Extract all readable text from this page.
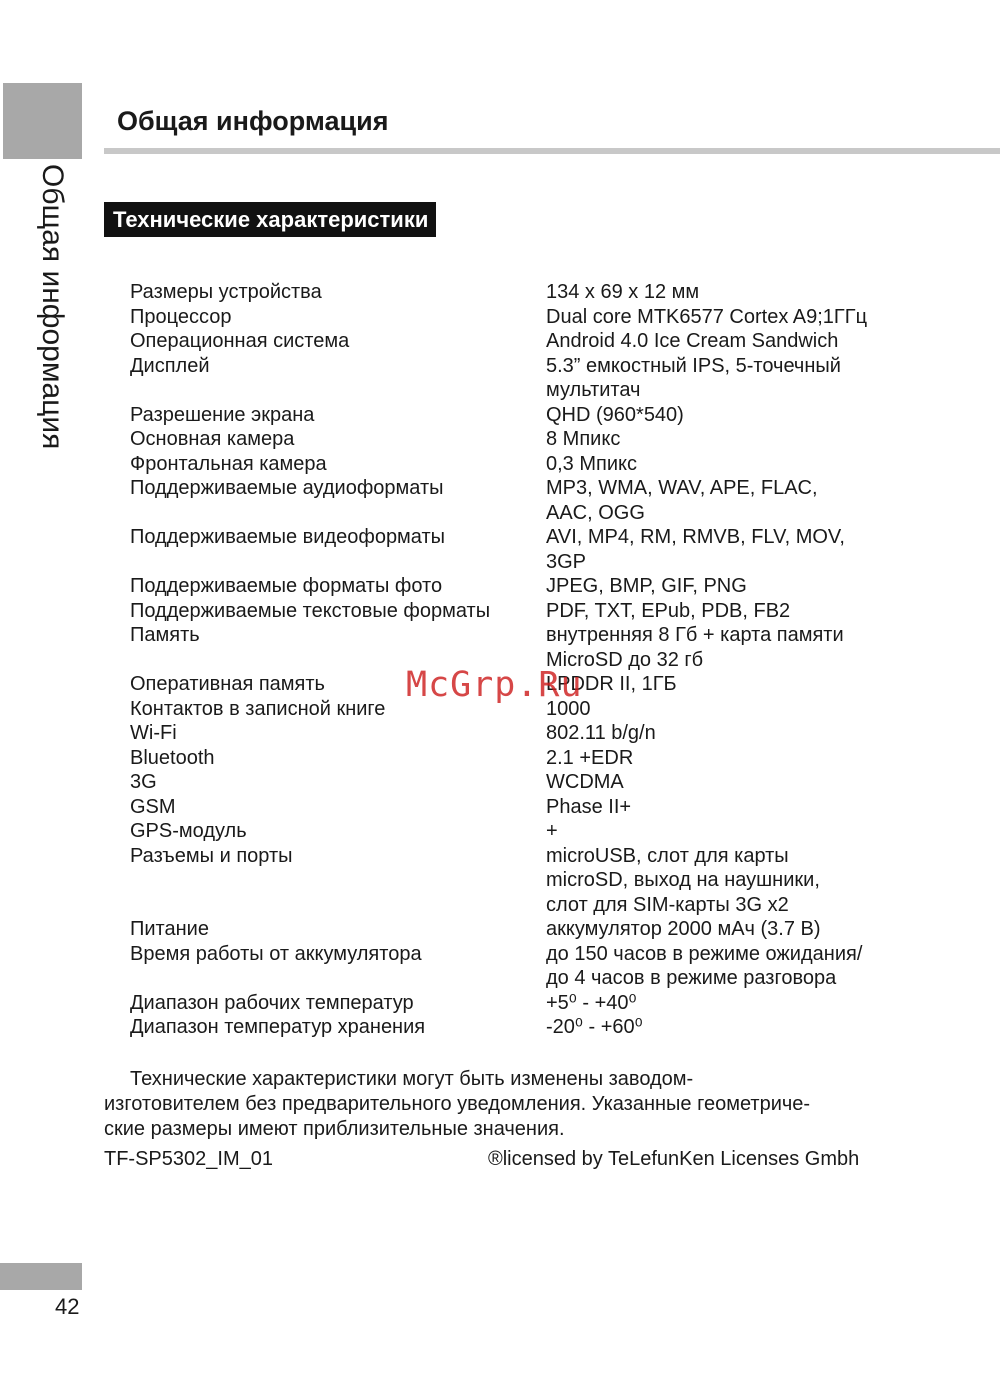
Общая информация
Общая информация
Технические характеристики
Размеры устройства	134 x 69 x 12 мм
Процессор	Dual core MTK6577 Cortex A9;1ГГц
Операционная система	Android 4.0 Ice Cream Sandwich
Дисплей	5.3” емкостный IPS, 5-точечный
мультитач
Разрешение экрана	QHD (960*540)
Основная камера	8 Мпикс
Фронтальная камера	0,3 Мпикс
Поддерживаемые аудиоформаты	MP3, WMA, WAV, APE, FLAC,
AAC, OGG
Поддерживаемые видеоформаты	AVI, MP4, RM, RMVB, FLV, MOV,
3GP
Поддерживаемые форматы фото	JPEG, BMP, GIF, PNG
Поддерживаемые текстовые форматы	PDF, TXT, EPub, PDB, FB2
Память	внутренняя 8 Гб + карта памяти
MicroSD до 32 гб
Оперативная память	LPDDR II, 1ГБ
Контактов в записной книге	1000
Wi-Fi	802.11 b/g/n
Bluetooth	2.1 +EDR
3G	WCDMA
GSM	Phase II+
GPS-модуль	+
Разъемы и порты	microUSB, слот для карты
microSD, выход на наушники,
слот для SIM-карты 3G x2
Питание	аккумулятор 2000 мАч (3.7 В)
Время работы от аккумулятора	до 150 часов в режиме ожидания/
до 4 часов в режиме разговора
Диапазон рабочих температур	+5⁰ - +40⁰
Диапазон температур хранения	-20⁰ - +60⁰
Технические характеристики могут быть изменены заводом-
изготовителем без предварительного уведомления. Указанные геометриче-
ские размеры имеют приблизительные значения.
TF-SP5302_IM_01	®licensed by TeLefunKen Licenses Gmbh
42
McGrp.Ru
